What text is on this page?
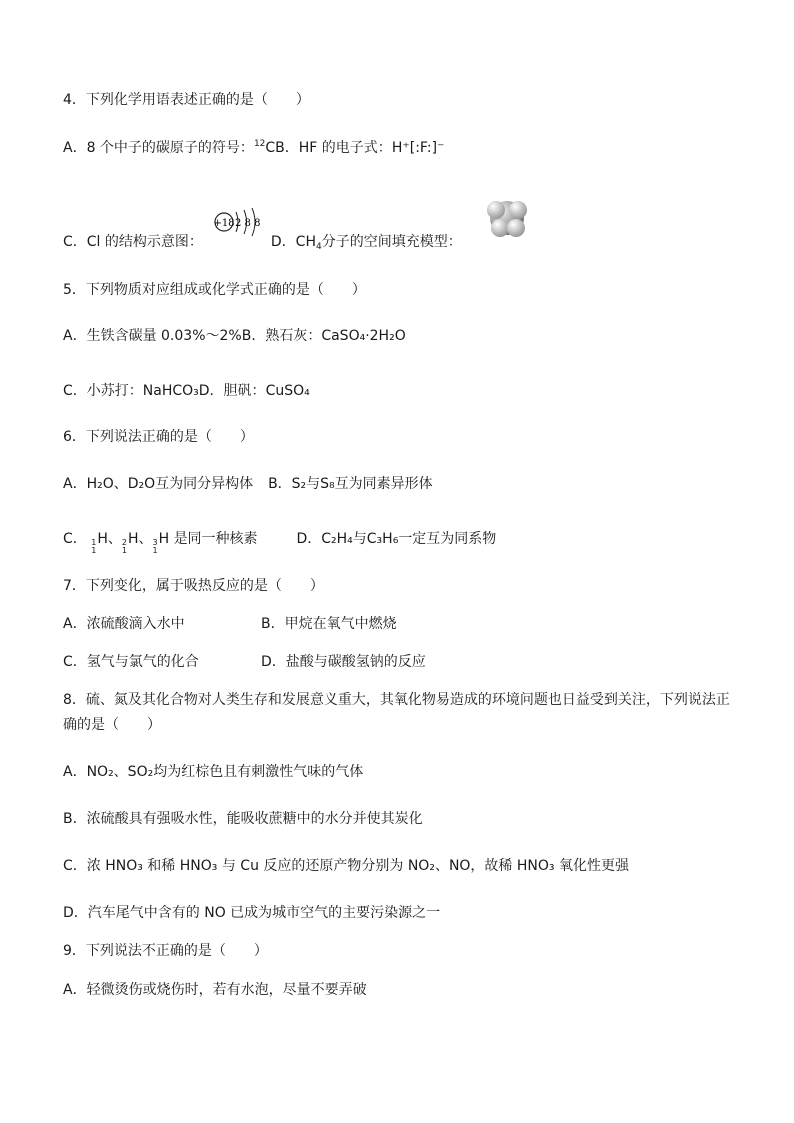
4．下列化学用语表述正确的是（　　）
A．8 个中子的碳原子的符号：$^{12}$CB．HF 的电子式：H⁺[:F:]⁻
+18 2 8 8
C．Cl 的结构示意图：	D．$CH_4$分子的空间填充模型：
5．下列物质对应组成或化学式正确的是（　　）
A．生铁含碳量 0.03%～2%B．熟石灰：CaSO₄·2H₂O
C．小苏打：NaHCO₃D．胆矾：CuSO₄
6．下列说法正确的是（　　）
A．H₂O、D₂O互为同分异构体 B．S₂与S₈互为同素异形体
C． 1
1
H、 2
1
H、 3
1
H 是同一种核素	D．C₂H₄与C₃H₆一定互为同系物
7．下列变化，属于吸热反应的是（　　）
A．浓硫酸滴入水中	B．甲烷在氧气中燃烧
C．氢气与氯气的化合	D．盐酸与碳酸氢钠的反应
8．硫、氮及其化合物对人类生存和发展意义重大，其氧化物易造成的环境问题也日益受到关注，下列说法正
确的是（　　）
A．NO₂、SO₂均为红棕色且有刺激性气味的气体
B．浓硫酸具有强吸水性，能吸收蔗糖中的水分并使其炭化
C．浓 HNO₃ 和稀 HNO₃ 与 Cu 反应的还原产物分别为 NO₂、NO，故稀 HNO₃ 氧化性更强
D．汽车尾气中含有的 NO 已成为城市空气的主要污染源之一
9．下列说法不正确的是（　　）
A．轻微烫伤或烧伤时，若有水泡，尽量不要弄破
